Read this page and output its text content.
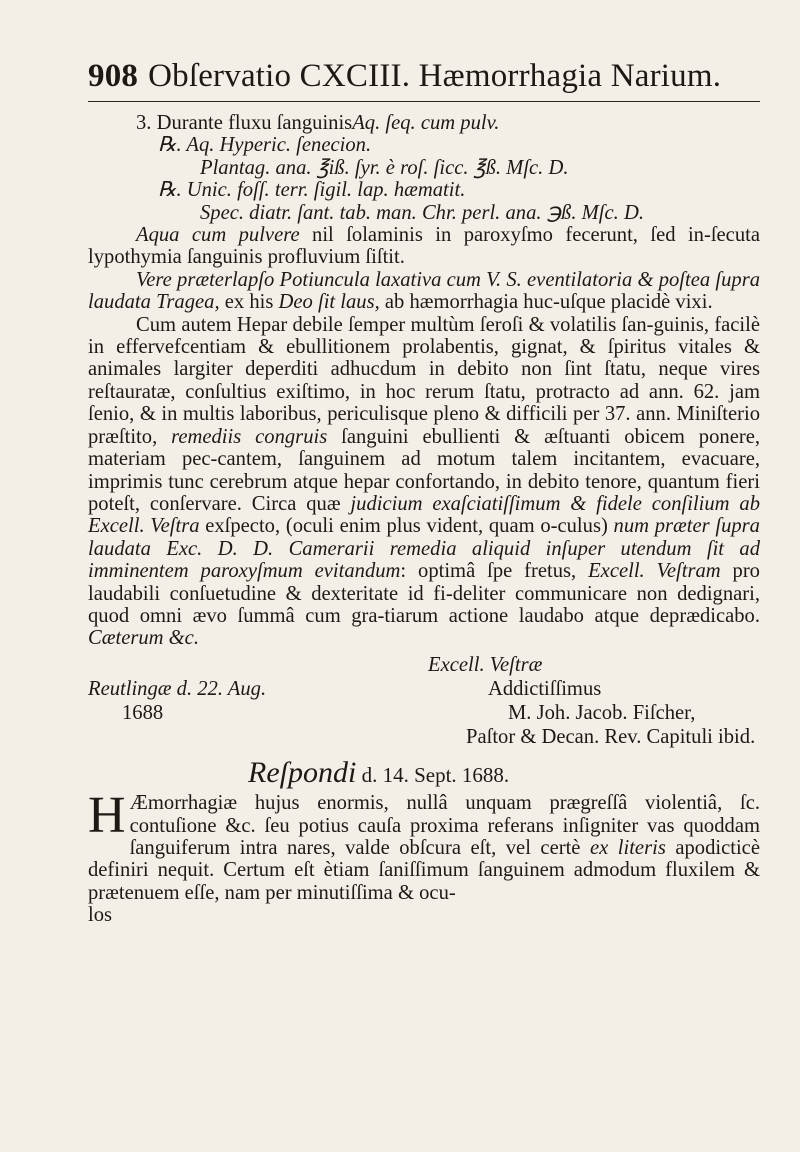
908 Obſervatio CXCIII. Hæmorrhagia Narium.

3. Durante fluxu ſanguinisAq. ſeq. cum pulv.

℞. Aq. Hyperic. ſenecion.

Plantag. ana. ℥iß. ſyr. è roſ. ſicc. ℥ß. Mſc. D.

℞. Unic. foſſ. terr. ſigil. lap. hæmatit.

Spec. diatr. ſant. tab. man. Chr. perl. ana. ℈ß. Mſc. D.

Aqua cum pulvere nil ſolaminis in paroxyſmo fecerunt, ſed in-ſecuta lypothymia ſanguinis profluvium ſiſtit.

Vere præterlapſo Potiuncula laxativa cum V. S. eventilatoria & poſtea ſupra laudata Tragea, ex his Deo ſit laus, ab hæmorrhagia huc-uſque placidè vixi.

Cum autem Hepar debile ſemper multùm ſeroſi & volatilis ſan-guinis, facilè in effervefcentiam & ebullitionem prolabentis, gignat, & ſpiritus vitales & animales largiter deperditi adhucdum in debito non ſint ſtatu, neque vires reſtauratæ, conſultius exiſtimo, in hoc rerum ſtatu, protracto ad ann. 62. jam ſenio, & in multis laboribus, periculisque pleno & difficili per 37. ann. Miniſterio præſtito, remediis congruis ſanguini ebullienti & æſtuanti obicem ponere, materiam pec-cantem, ſanguinem ad motum talem incitantem, evacuare, imprimis tunc cerebrum atque hepar confortando, in debito tenore, quantum fieri poteſt, conſervare. Circa quæ judicium exaſciatiſſimum & fidele conſilium ab Excell. Veſtra exſpecto, (oculi enim plus vident, quam o-culus) num præter ſupra laudata Exc. D. D. Camerarii remedia aliquid inſuper utendum ſit ad imminentem paroxyſmum evitandum: optimâ ſpe fretus, Excell. Veſtram pro laudabili conſuetudine & dexteritate id fi-deliter communicare non dedignari, quod omni ævo ſummâ cum gra-tiarum actione laudabo atque deprædicabo. Cæterum &c.

Excell. Veſtræ
Reutlingæ d. 22. Aug.
1688
Addictiſſimus
M. Joh. Jacob. Fiſcher,
Paſtor & Decan. Rev. Capituli ibid.
Reſpondi d. 14. Sept. 1688.

H Æmorrhagiæ hujus enormis, nullâ unquam prægreſſâ violentiâ, ſc. contuſione &c. ſeu potius cauſa proxima referans inſigniter vas quoddam ſanguiferum intra nares, valde obſcura eſt, vel certè ex literis apodicticè definiri nequit. Certum eſt ètiam ſaniſſimum ſanguinem admodum fluxilem & prætenuem eſſe, nam per minutiſſima & ocu-

los
